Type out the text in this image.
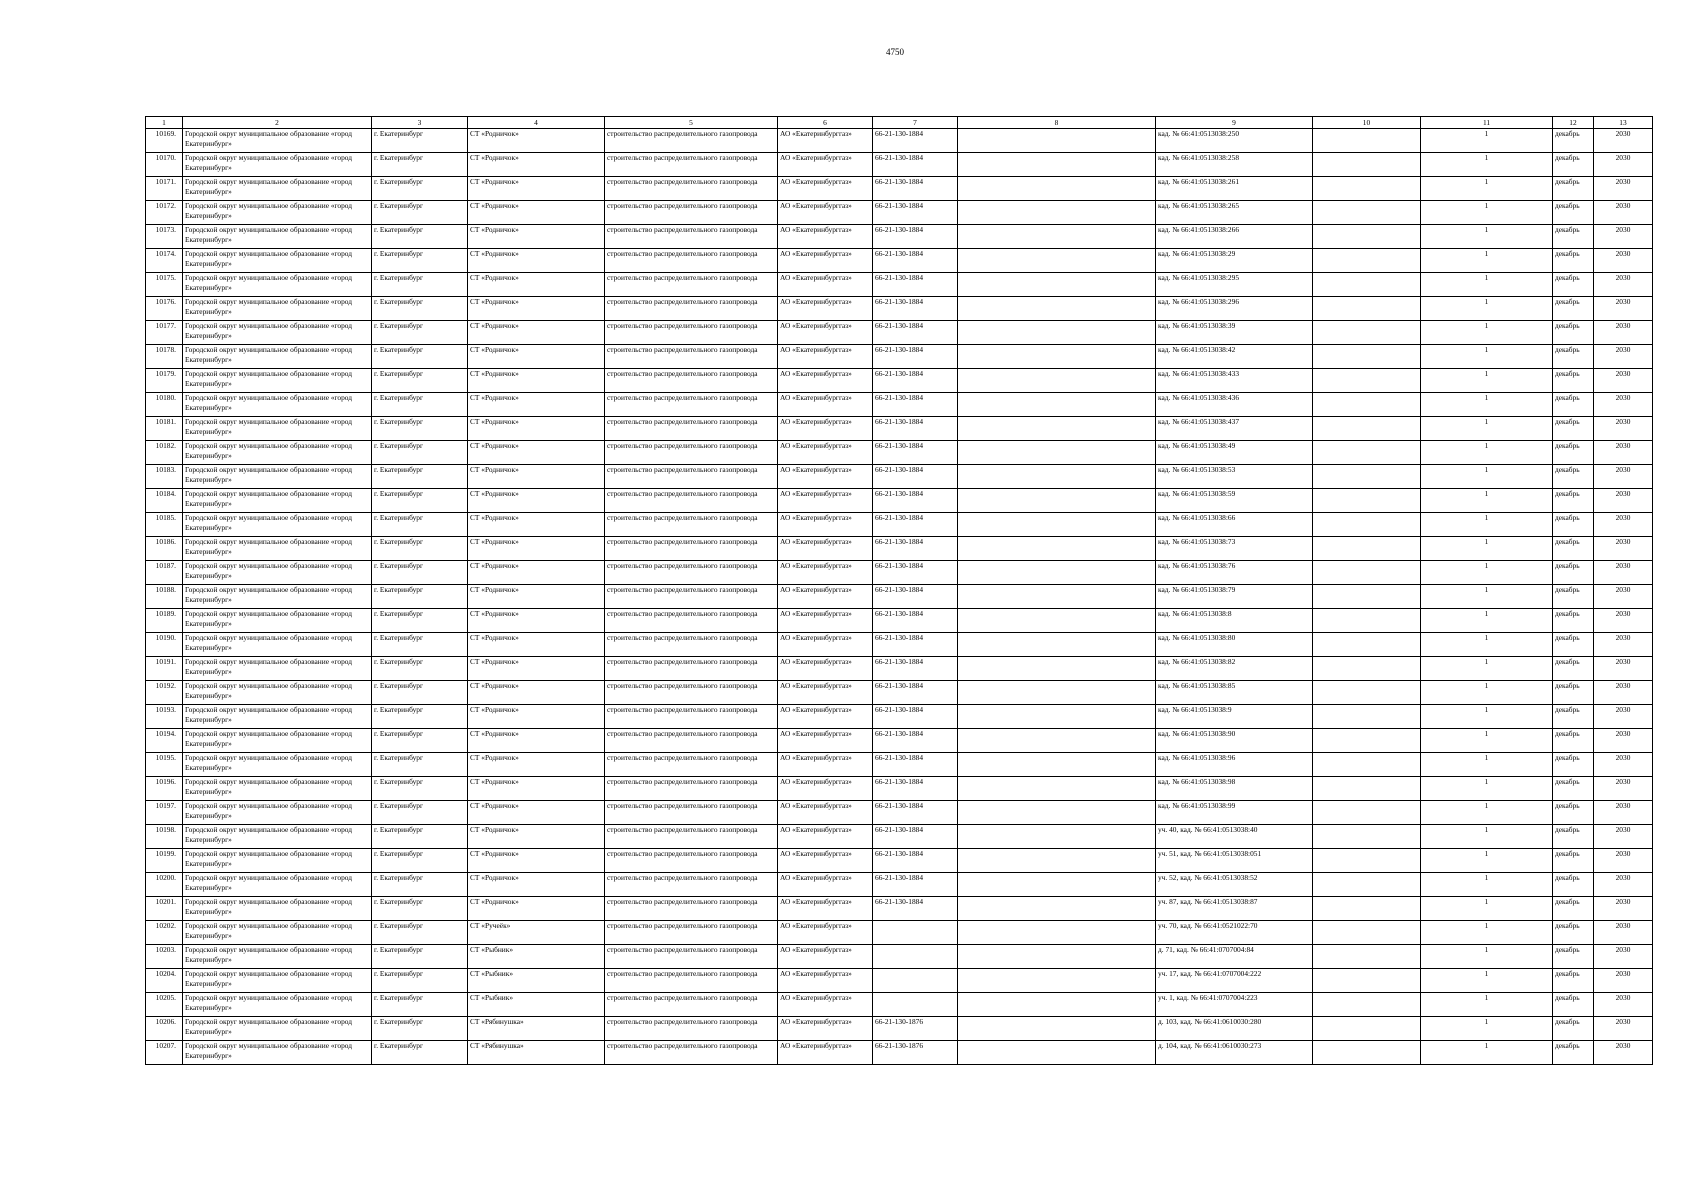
4750
1	2	3	4	5	6	7	8	9	10	11	12	13
10169.	Городской округ муниципальное образование «город Екатеринбург»	г. Екатеринбург	СТ «Родничок»	строительство распределительного газопровода	АО «Екатеринбурггаз»	66-21-130-1884		кад. № 66:41:0513038:250		1	декабрь	2030
10170.	Городской округ муниципальное образование «город Екатеринбург»	г. Екатеринбург	СТ «Родничок»	строительство распределительного газопровода	АО «Екатеринбурггаз»	66-21-130-1884		кад. № 66:41:0513038:258		1	декабрь	2030
10171.	Городской округ муниципальное образование «город Екатеринбург»	г. Екатеринбург	СТ «Родничок»	строительство распределительного газопровода	АО «Екатеринбурггаз»	66-21-130-1884		кад. № 66:41:0513038:261		1	декабрь	2030
10172.	Городской округ муниципальное образование «город Екатеринбург»	г. Екатеринбург	СТ «Родничок»	строительство распределительного газопровода	АО «Екатеринбурггаз»	66-21-130-1884		кад. № 66:41:0513038:265		1	декабрь	2030
10173.	Городской округ муниципальное образование «город Екатеринбург»	г. Екатеринбург	СТ «Родничок»	строительство распределительного газопровода	АО «Екатеринбурггаз»	66-21-130-1884		кад. № 66:41:0513038:266		1	декабрь	2030
10174.	Городской округ муниципальное образование «город Екатеринбург»	г. Екатеринбург	СТ «Родничок»	строительство распределительного газопровода	АО «Екатеринбурггаз»	66-21-130-1884		кад. № 66:41:0513038:29		1	декабрь	2030
10175.	Городской округ муниципальное образование «город Екатеринбург»	г. Екатеринбург	СТ «Родничок»	строительство распределительного газопровода	АО «Екатеринбурггаз»	66-21-130-1884		кад. № 66:41:0513038:295		1	декабрь	2030
10176.	Городской округ муниципальное образование «город Екатеринбург»	г. Екатеринбург	СТ «Родничок»	строительство распределительного газопровода	АО «Екатеринбурггаз»	66-21-130-1884		кад. № 66:41:0513038:296		1	декабрь	2030
10177.	Городской округ муниципальное образование «город Екатеринбург»	г. Екатеринбург	СТ «Родничок»	строительство распределительного газопровода	АО «Екатеринбурггаз»	66-21-130-1884		кад. № 66:41:0513038:39		1	декабрь	2030
10178.	Городской округ муниципальное образование «город Екатеринбург»	г. Екатеринбург	СТ «Родничок»	строительство распределительного газопровода	АО «Екатеринбурггаз»	66-21-130-1884		кад. № 66:41:0513038:42		1	декабрь	2030
10179.	Городской округ муниципальное образование «город Екатеринбург»	г. Екатеринбург	СТ «Родничок»	строительство распределительного газопровода	АО «Екатеринбурггаз»	66-21-130-1884		кад. № 66:41:0513038:433		1	декабрь	2030
10180.	Городской округ муниципальное образование «город Екатеринбург»	г. Екатеринбург	СТ «Родничок»	строительство распределительного газопровода	АО «Екатеринбурггаз»	66-21-130-1884		кад. № 66:41:0513038:436		1	декабрь	2030
10181.	Городской округ муниципальное образование «город Екатеринбург»	г. Екатеринбург	СТ «Родничок»	строительство распределительного газопровода	АО «Екатеринбурггаз»	66-21-130-1884		кад. № 66:41:0513038:437		1	декабрь	2030
10182.	Городской округ муниципальное образование «город Екатеринбург»	г. Екатеринбург	СТ «Родничок»	строительство распределительного газопровода	АО «Екатеринбурггаз»	66-21-130-1884		кад. № 66:41:0513038:49		1	декабрь	2030
10183.	Городской округ муниципальное образование «город Екатеринбург»	г. Екатеринбург	СТ «Родничок»	строительство распределительного газопровода	АО «Екатеринбурггаз»	66-21-130-1884		кад. № 66:41:0513038:53		1	декабрь	2030
10184.	Городской округ муниципальное образование «город Екатеринбург»	г. Екатеринбург	СТ «Родничок»	строительство распределительного газопровода	АО «Екатеринбурггаз»	66-21-130-1884		кад. № 66:41:0513038:59		1	декабрь	2030
10185.	Городской округ муниципальное образование «город Екатеринбург»	г. Екатеринбург	СТ «Родничок»	строительство распределительного газопровода	АО «Екатеринбурггаз»	66-21-130-1884		кад. № 66:41:0513038:66		1	декабрь	2030
10186.	Городской округ муниципальное образование «город Екатеринбург»	г. Екатеринбург	СТ «Родничок»	строительство распределительного газопровода	АО «Екатеринбурггаз»	66-21-130-1884		кад. № 66:41:0513038:73		1	декабрь	2030
10187.	Городской округ муниципальное образование «город Екатеринбург»	г. Екатеринбург	СТ «Родничок»	строительство распределительного газопровода	АО «Екатеринбурггаз»	66-21-130-1884		кад. № 66:41:0513038:76		1	декабрь	2030
10188.	Городской округ муниципальное образование «город Екатеринбург»	г. Екатеринбург	СТ «Родничок»	строительство распределительного газопровода	АО «Екатеринбурггаз»	66-21-130-1884		кад. № 66:41:0513038:79		1	декабрь	2030
10189.	Городской округ муниципальное образование «город Екатеринбург»	г. Екатеринбург	СТ «Родничок»	строительство распределительного газопровода	АО «Екатеринбурггаз»	66-21-130-1884		кад. № 66:41:0513038:8		1	декабрь	2030
10190.	Городской округ муниципальное образование «город Екатеринбург»	г. Екатеринбург	СТ «Родничок»	строительство распределительного газопровода	АО «Екатеринбурггаз»	66-21-130-1884		кад. № 66:41:0513038:80		1	декабрь	2030
10191.	Городской округ муниципальное образование «город Екатеринбург»	г. Екатеринбург	СТ «Родничок»	строительство распределительного газопровода	АО «Екатеринбурггаз»	66-21-130-1884		кад. № 66:41:0513038:82		1	декабрь	2030
10192.	Городской округ муниципальное образование «город Екатеринбург»	г. Екатеринбург	СТ «Родничок»	строительство распределительного газопровода	АО «Екатеринбурггаз»	66-21-130-1884		кад. № 66:41:0513038:85		1	декабрь	2030
10193.	Городской округ муниципальное образование «город Екатеринбург»	г. Екатеринбург	СТ «Родничок»	строительство распределительного газопровода	АО «Екатеринбурггаз»	66-21-130-1884		кад. № 66:41:0513038:9		1	декабрь	2030
10194.	Городской округ муниципальное образование «город Екатеринбург»	г. Екатеринбург	СТ «Родничок»	строительство распределительного газопровода	АО «Екатеринбурггаз»	66-21-130-1884		кад. № 66:41:0513038:90		1	декабрь	2030
10195.	Городской округ муниципальное образование «город Екатеринбург»	г. Екатеринбург	СТ «Родничок»	строительство распределительного газопровода	АО «Екатеринбурггаз»	66-21-130-1884		кад. № 66:41:0513038:96		1	декабрь	2030
10196.	Городской округ муниципальное образование «город Екатеринбург»	г. Екатеринбург	СТ «Родничок»	строительство распределительного газопровода	АО «Екатеринбурггаз»	66-21-130-1884		кад. № 66:41:0513038:98		1	декабрь	2030
10197.	Городской округ муниципальное образование «город Екатеринбург»	г. Екатеринбург	СТ «Родничок»	строительство распределительного газопровода	АО «Екатеринбурггаз»	66-21-130-1884		кад. № 66:41:0513038:99		1	декабрь	2030
10198.	Городской округ муниципальное образование «город Екатеринбург»	г. Екатеринбург	СТ «Родничок»	строительство распределительного газопровода	АО «Екатеринбурггаз»	66-21-130-1884		уч. 40, кад. № 66:41:0513038:40		1	декабрь	2030
10199.	Городской округ муниципальное образование «город Екатеринбург»	г. Екатеринбург	СТ «Родничок»	строительство распределительного газопровода	АО «Екатеринбурггаз»	66-21-130-1884		уч. 51, кад. № 66:41:0513038:051		1	декабрь	2030
10200.	Городской округ муниципальное образование «город Екатеринбург»	г. Екатеринбург	СТ «Родничок»	строительство распределительного газопровода	АО «Екатеринбурггаз»	66-21-130-1884		уч. 52, кад. № 66:41:0513038:52		1	декабрь	2030
10201.	Городской округ муниципальное образование «город Екатеринбург»	г. Екатеринбург	СТ «Родничок»	строительство распределительного газопровода	АО «Екатеринбурггаз»	66-21-130-1884		уч. 87, кад. № 66:41:0513038:87		1	декабрь	2030
10202.	Городской округ муниципальное образование «город Екатеринбург»	г. Екатеринбург	СТ «Ручеёк»	строительство распределительного газопровода	АО «Екатеринбурггаз»			уч. 70, кад. № 66:41:0521022:70		1	декабрь	2030
10203.	Городской округ муниципальное образование «город Екатеринбург»	г. Екатеринбург	СТ «Рыбник»	строительство распределительного газопровода	АО «Екатеринбурггаз»			д. 71, кад. № 66:41:0707004:84		1	декабрь	2030
10204.	Городской округ муниципальное образование «город Екатеринбург»	г. Екатеринбург	СТ «Рыбник»	строительство распределительного газопровода	АО «Екатеринбурггаз»			уч. 17, кад. № 66:41:0707004:222		1	декабрь	2030
10205.	Городской округ муниципальное образование «город Екатеринбург»	г. Екатеринбург	СТ «Рыбник»	строительство распределительного газопровода	АО «Екатеринбурггаз»			уч. 1, кад. № 66:41:0707004:223		1	декабрь	2030
10206.	Городской округ муниципальное образование «город Екатеринбург»	г. Екатеринбург	СТ «Рябинушка»	строительство распределительного газопровода	АО «Екатеринбурггаз»	66-21-130-1876		д. 103, кад. № 66:41:0610030:280		1	декабрь	2030
10207.	Городской округ муниципальное образование «город Екатеринбург»	г. Екатеринбург	СТ «Рябинушка»	строительство распределительного газопровода	АО «Екатеринбурггаз»	66-21-130-1876		д. 104, кад. № 66:41:0610030:273		1	декабрь	2030
